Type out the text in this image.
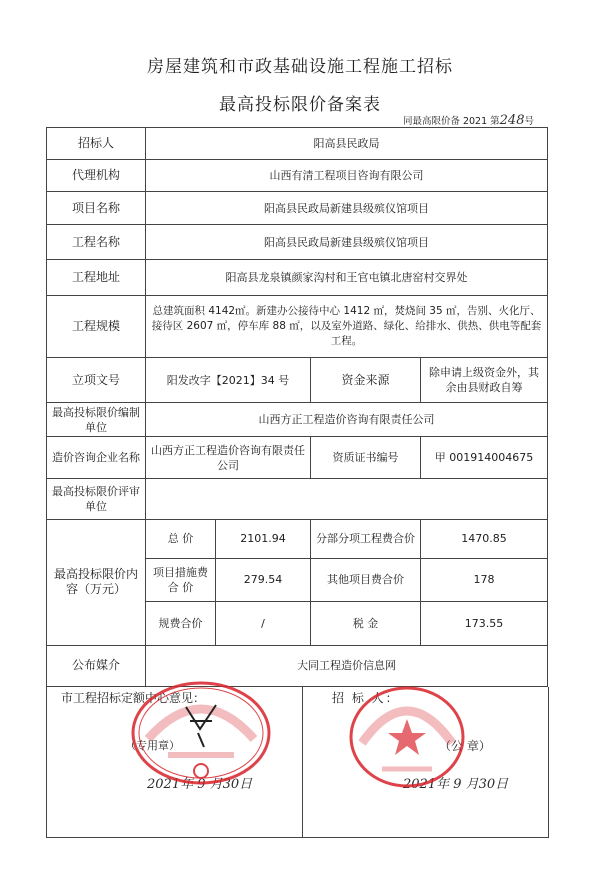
房屋建筑和市政基础设施工程施工招标
最高投标限价备案表
同最高限价备 2021 第248号
招标人	阳高县民政局			
代理机构	山西有清工程项目咨询有限公司			
项目名称	阳高县民政局新建县级殡仪馆项目			
工程名称	阳高县民政局新建县级殡仪馆项目			
工程地址	阳高县龙泉镇颜家沟村和王官屯镇北唐窑村交界处			
工程规模	总建筑面积 4142㎡。新建办公接待中心 1412 ㎡，焚烧间 35 ㎡，告别、火化厅、接待区 2607 ㎡，停车库 88 ㎡，以及室外道路、绿化、给排水、供热、供电等配套工程。			
立项文号	阳发改字【2021】34 号		资金来源	除申请上级资金外，其余由县财政自筹
最高投标限价编制单位	山西方正工程造价咨询有限责任公司			
造价咨询企业名称	山西方正工程造价咨询有限责任公司		资质证书编号	甲 001914004675
最高投标限价评审单位				
最高投标限价内容（万元）	总 价	2101.94	分部分项工程费合价	1470.85
	项目措施费合 价	279.54	其他项目费合价	178
	规费合价	/	税 金	173.55
公布媒介	大同工程造价信息网			
市工程招标定额中心意见：	招 标 人：
（专用章）	（公 章）
2021年 9 月30日	2021年 9 月30日
